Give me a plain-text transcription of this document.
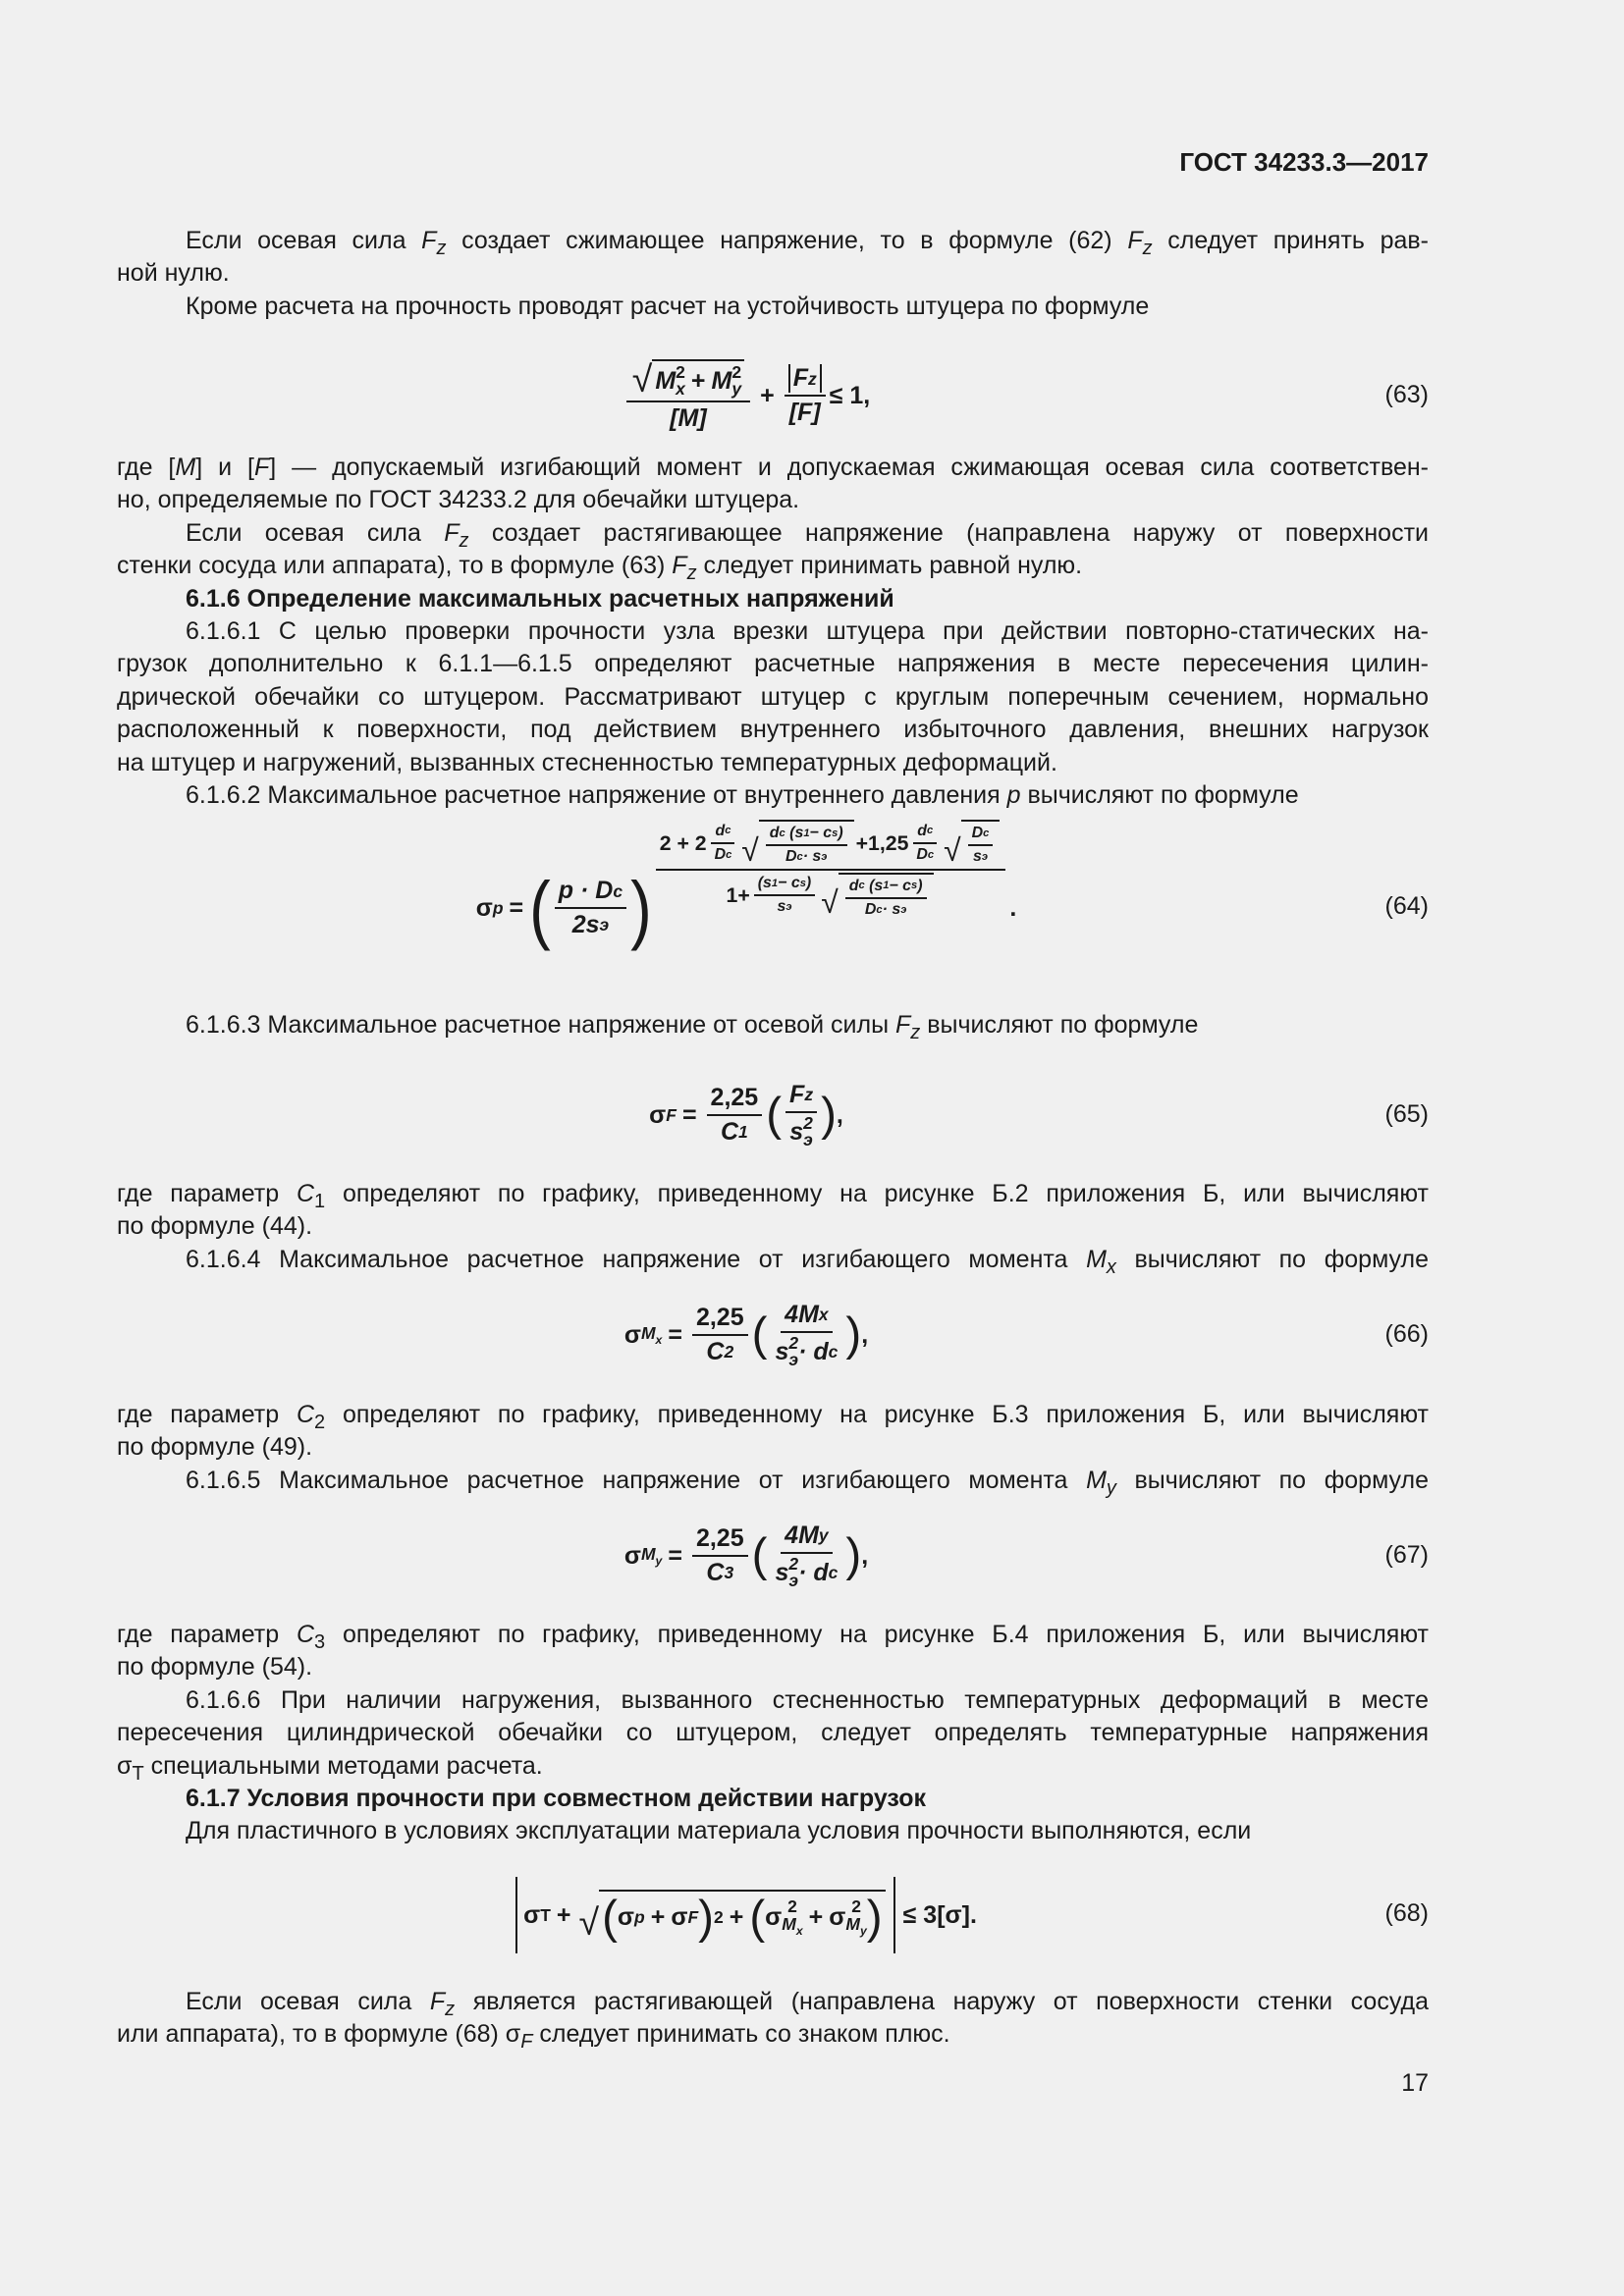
ГОСТ 34233.3—2017
Если осевая сила $F_z$ создает сжимающее напряжение, то в формуле (62) $F_z$ следует принять рав-
ной нулю.
Кроме расчета на прочность проводят расчет на устойчивость штуцера по формуле
√ M 2
x + M 2
y
$[M] + \frac{\text{F z}}{[F]} \le 1$,	(63)
где [M] и [F] — допускаемый изгибающий момент и допускаемая сжимающая осевая сила соответствен-
но, определяемые по ГОСТ 34233.2 для обечайки штуцера.
Если осевая сила $F_z$ создает растягивающее напряжение (направлена наружу от поверхности
стенки сосуда или аппарата), то в формуле (63) $F_z$ следует принимать равной нулю.
6.1.6 Определение максимальных расчетных напряжений
6.1.6.1 С целью проверки прочности узла врезки штуцера при действии повторно-статических на-
грузок дополнительно к 6.1.1—6.1.5 определяют расчетные напряжения в месте пересечения цилин-
дрической обечайки со штуцером. Рассматривают штуцер с круглым поперечным сечением, нормально
расположенный к поверхности, под действием внутреннего избыточного давления, внешних нагрузок
на штуцер и нагружений, вызванных стесненностью температурных деформаций.
6.1.6.2 Максимальное расчетное напряжение от внутреннего давления p вычисляют по формуле
σ p = ( $\frac{\text{p · D c}}{\text{2s э}}$ )
$2 + 2 \frac{\text{d c}}{\text{D c}}$ √ d c
(s 1 − c s )
D c · s $э +1,25 \frac{\text{d c}}{\text{D c}}$ √ $\frac{\text{D c}}{\text{s э}}$
$1+ \frac{\text{(s 1 − c s )}}{\text{s э}}$ √ d c
(s 1 − c s )
D c · s э	.	(64)
6.1.6.3 Максимальное расчетное напряжение от осевой силы $F_z$ вычисляют по формуле
σ $F = \frac{2,25}{C 1}$ ( F z
s 2
э ) ,	(65)
где параметр $C_1$ определяют по графику, приведенному на рисунке Б.2 приложения Б, или вычисляют
по формуле (44).
6.1.6.4 Максимальное расчетное напряжение от изгибающего момента $M_x$ вычисляют по формуле
σ $M_x = \frac{2,25}{C 2}$ ( 4M x
s 2
э · d c ) ,	(66)
где параметр $C_2$ определяют по графику, приведенному на рисунке Б.3 приложения Б, или вычисляют
по формуле (49).
6.1.6.5 Максимальное расчетное напряжение от изгибающего момента $M_y$ вычисляют по формуле
σ $M_y = \frac{2,25}{C 3}$ ( 4M y
s 2
э · d c ) ,	(67)
где параметр $C_3$ определяют по графику, приведенному на рисунке Б.4 приложения Б, или вычисляют
по формуле (54).
6.1.6.6 При наличии нагружения, вызванного стесненностью температурных деформаций в месте
пересечения цилиндрической обечайки со штуцером, следует определять температурные напряжения
$\sigma_T$ специальными методами расчета.
6.1.7 Условия прочности при совместном действии нагрузок
Для пластичного в условиях эксплуатации материала условия прочности выполняются, если
σ T + √ ( σ p + σ F ) 2 + ( σ 2
$M_x + \sigma$ 2
$M_y$ ) ≤ 3[σ].	(68)
Если осевая сила $F_z$ является растягивающей (направлена наружу от поверхности стенки сосуда
или аппарата), то в формуле (68) $\sigma_F$ следует принимать со знаком плюс.
17
